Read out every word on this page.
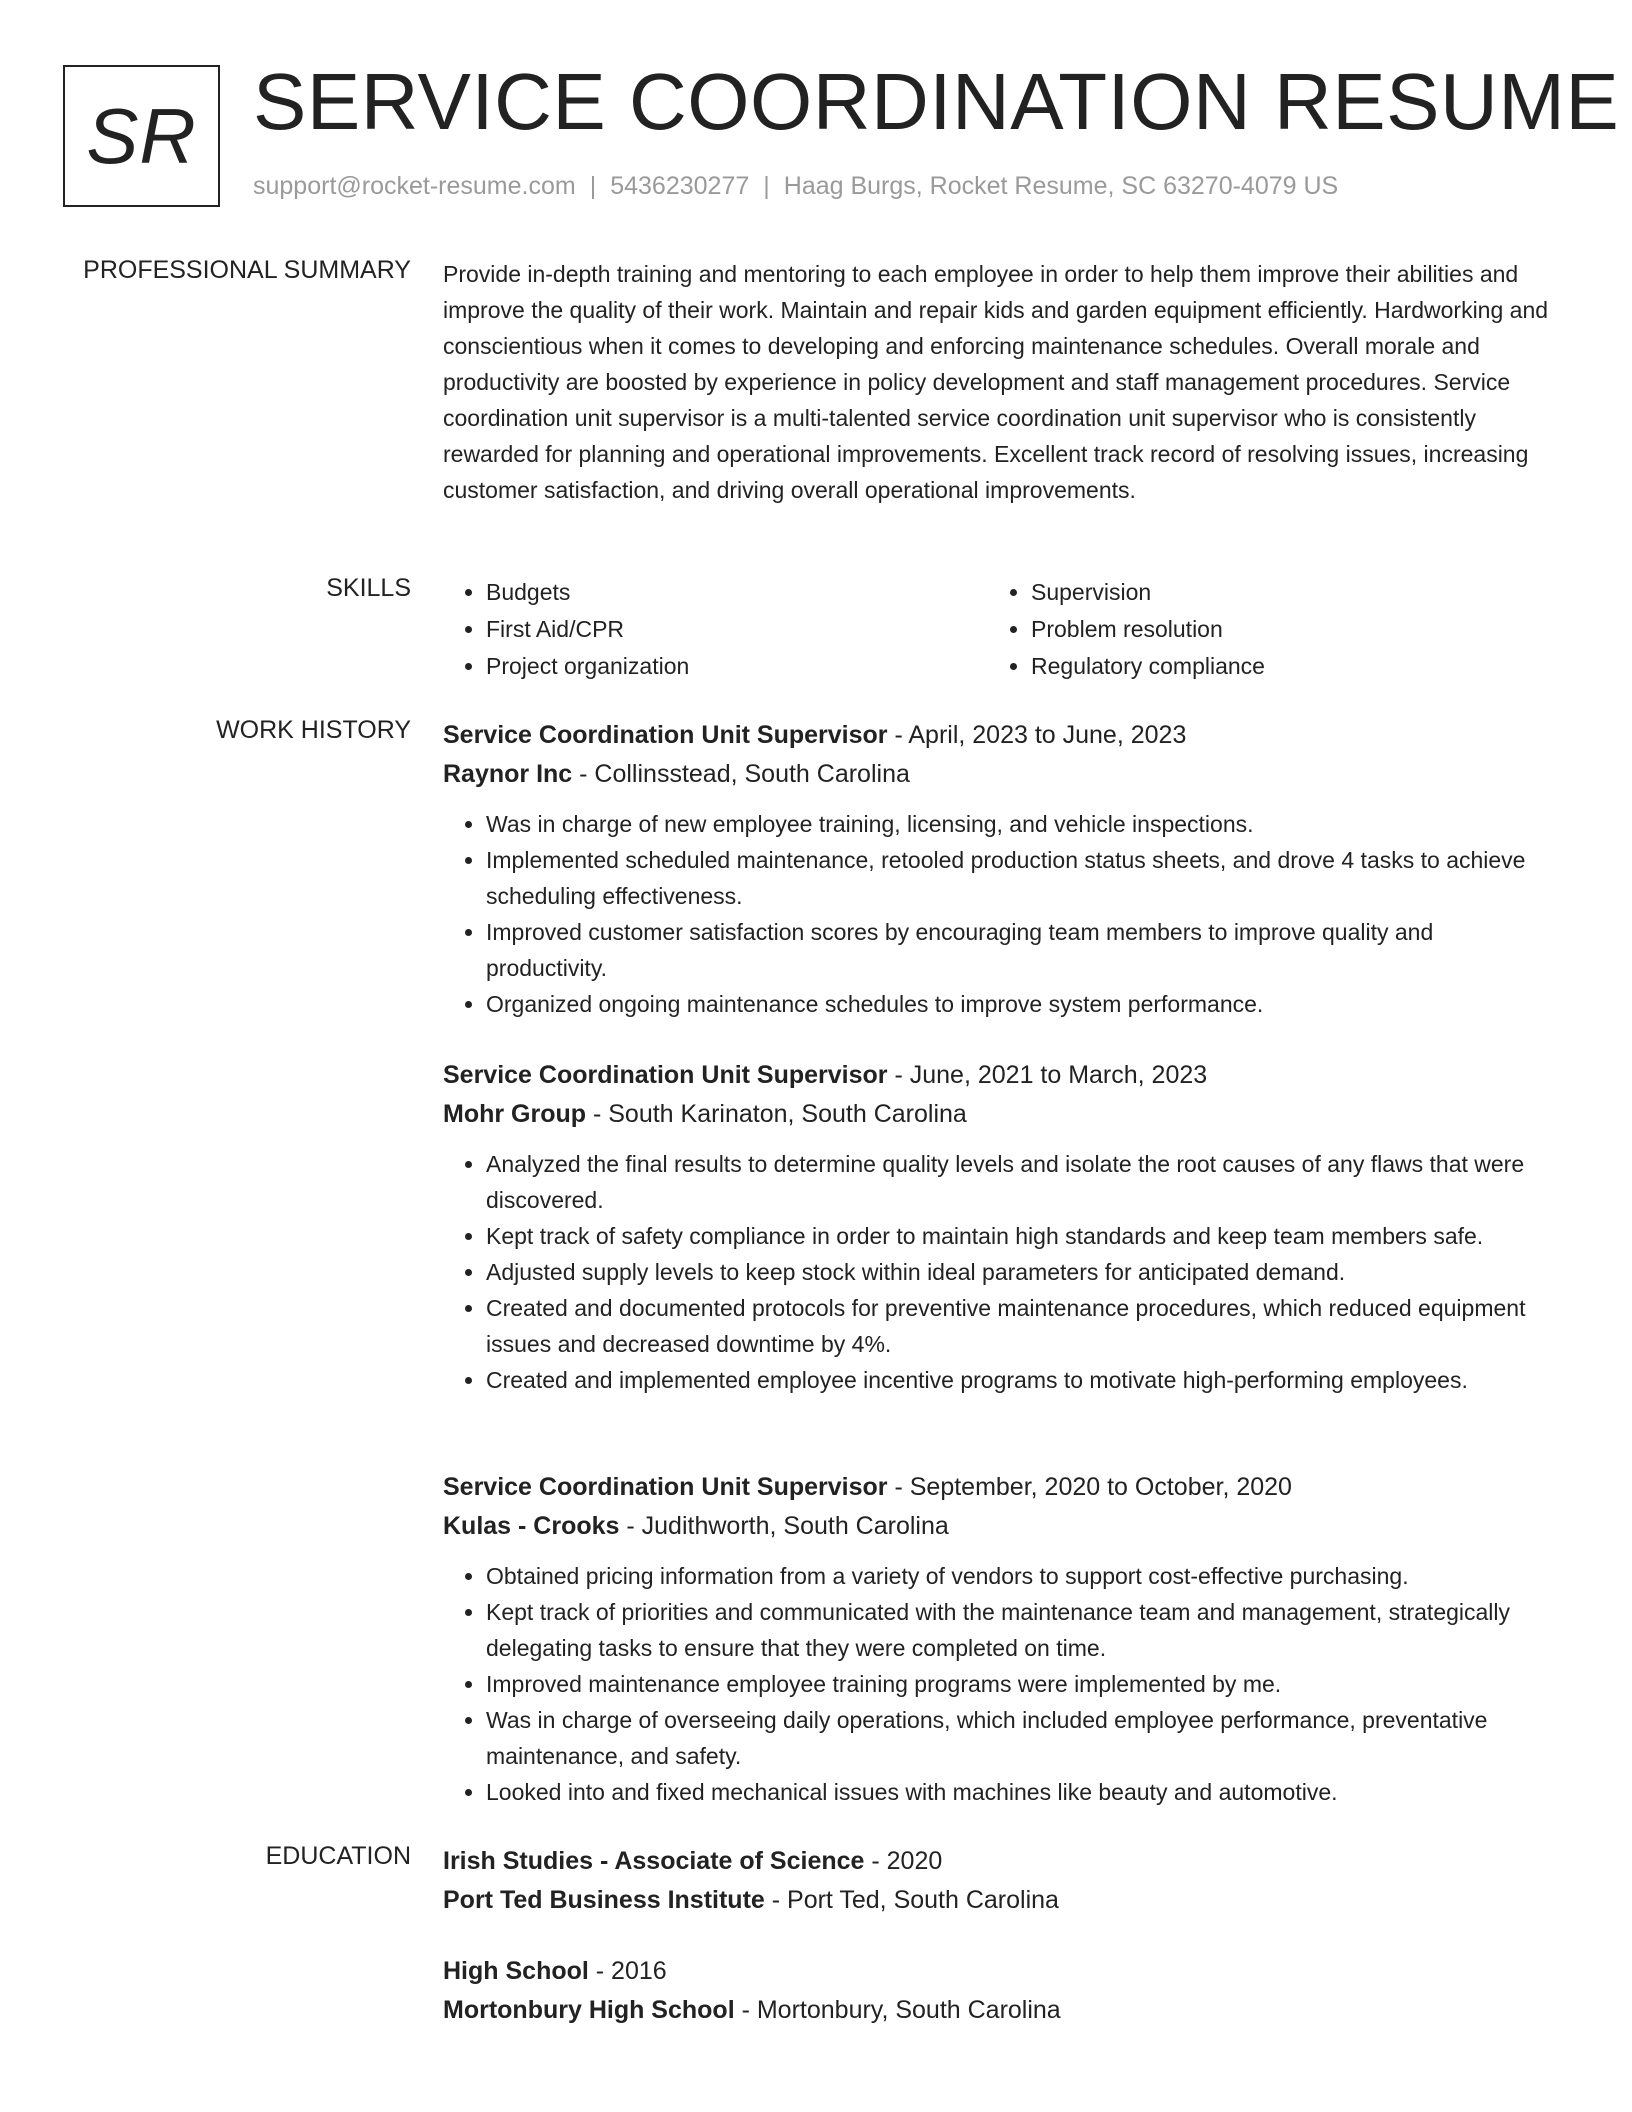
SR SERVICE COORDINATION RESUME
support@rocket-resume.com | 5436230277 | Haag Burgs, Rocket Resume, SC 63270-4079 US
PROFESSIONAL SUMMARY Provide in-depth training and mentoring to each employee in order to help them improve their abilities and improve the quality of their work. Maintain and repair kids and garden equipment efficiently. Hardworking and conscientious when it comes to developing and enforcing maintenance schedules. Overall morale and productivity are boosted by experience in policy development and staff management procedures. Service coordination unit supervisor is a multi-talented service coordination unit supervisor who is consistently rewarded for planning and operational improvements. Excellent track record of resolving issues, increasing customer satisfaction, and driving overall operational improvements.
SKILLS
•	Budgets
• First Aid/CPR
• Project organization
• Supervision
• Problem resolution
• Regulatory compliance
WORK HISTORY Service Coordination Unit Supervisor - April, 2023 to June, 2023
Raynor Inc - Collinsstead, South Carolina
• Was in charge of new employee training, licensing, and vehicle inspections.
• Implemented scheduled maintenance, retooled production status sheets, and drove 4 tasks to achieve scheduling effectiveness.
• Improved customer satisfaction scores by encouraging team members to improve quality and productivity.
• Organized ongoing maintenance schedules to improve system performance.
Service Coordination Unit Supervisor - June, 2021 to March, 2023
Mohr Group - South Karinaton, South Carolina
• Analyzed the final results to determine quality levels and isolate the root causes of any flaws that were discovered.
• Kept track of safety compliance in order to maintain high standards and keep team members safe.
• Adjusted supply levels to keep stock within ideal parameters for anticipated demand.
• Created and documented protocols for preventive maintenance procedures, which reduced equipment issues and decreased downtime by 4%.
• Created and implemented employee incentive programs to motivate high-performing employees.
Service Coordination Unit Supervisor - September, 2020 to October, 2020
Kulas - Crooks - Judithworth, South Carolina
• Obtained pricing information from a variety of vendors to support cost-effective purchasing.
• Kept track of priorities and communicated with the maintenance team and management, strategically delegating tasks to ensure that they were completed on time.
• Improved maintenance employee training programs were implemented by me.
• Was in charge of overseeing daily operations, which included employee performance, preventative maintenance, and safety.
• Looked into and fixed mechanical issues with machines like beauty and automotive.
EDUCATION Irish Studies - Associate of Science - 2020
Port Ted Business Institute - Port Ted, South Carolina
High School - 2016
Mortonbury High School - Mortonbury, South Carolina
